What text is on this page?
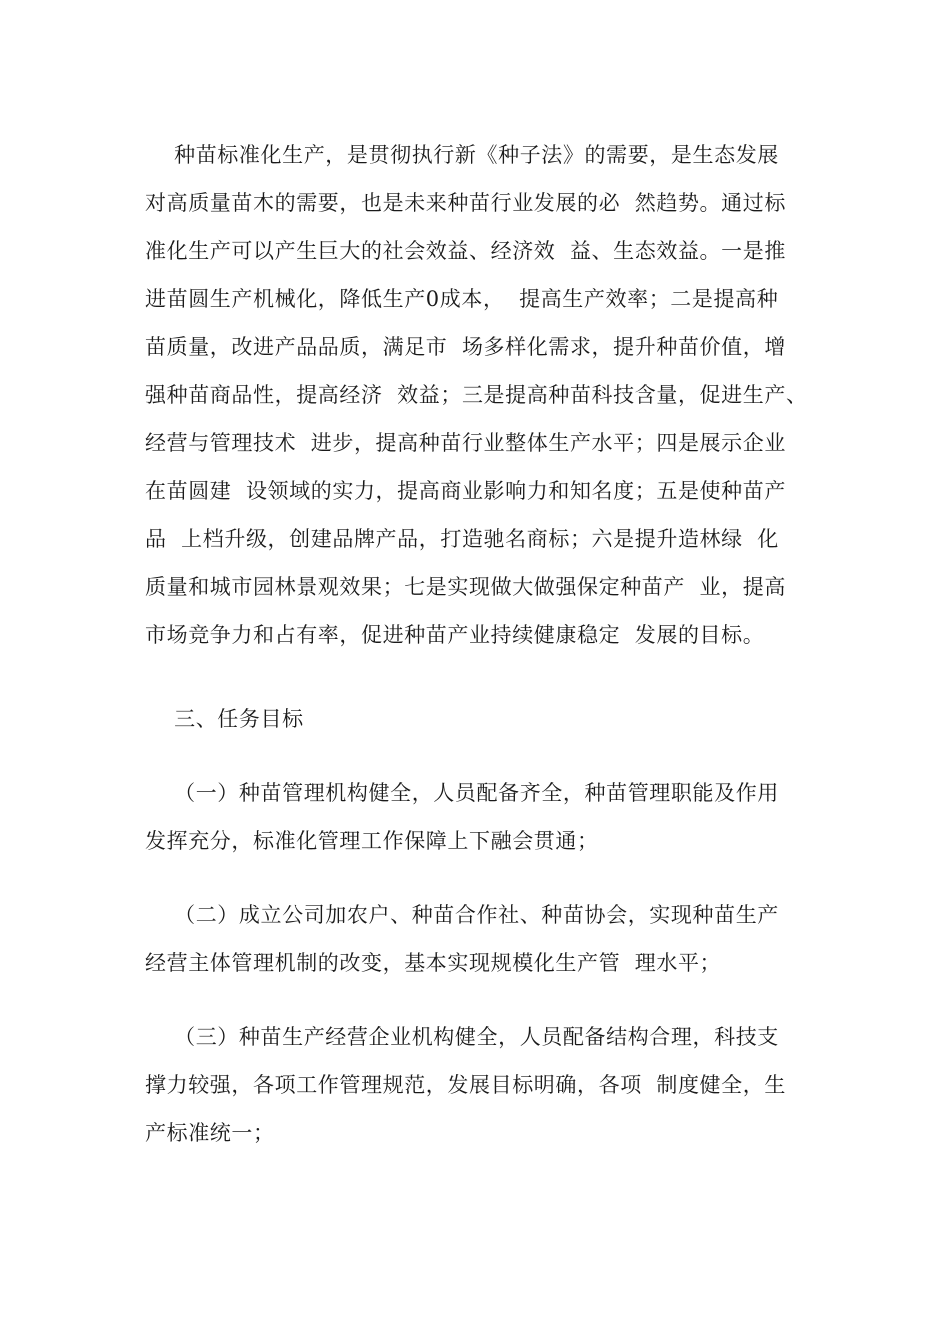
种苗标准化生产，是贯彻执行新《种子法》的需要，是生态发展
对高质量苗木的需要，也是未来种苗行业发展的必  然趋势。通过标
准化生产可以产生巨大的社会效益、经济效  益、生态效益。一是推
进苗圆生产机械化，降低生产0成本，  提高生产效率；二是提高种
苗质量，改进产品品质，满足市  场多样化需求，提升种苗价值，增
强种苗商品性，提高经济  效益；三是提高种苗科技含量，促进生产、
经营与管理技术  进步，提高种苗行业整体生产水平；四是展示企业
在苗圆建  设领域的实力，提高商业影响力和知名度；五是使种苗产
品  上档升级，创建品牌产品，打造驰名商标；六是提升造林绿  化
质量和城市园林景观效果；七是实现做大做强保定种苗产  业，提高
市场竞争力和占有率，促进种苗产业持续健康稳定  发展的目标。
三、任务目标
（一）种苗管理机构健全，人员配备齐全，种苗管理职能及作用
发挥充分，标准化管理工作保障上下融会贯通；
（二）成立公司加农户、种苗合作社、种苗协会，实现种苗生产
经营主体管理机制的改变，基本实现规模化生产管  理水平；
（三）种苗生产经营企业机构健全，人员配备结构合理，科技支
撑力较强，各项工作管理规范，发展目标明确，各项  制度健全，生
产标准统一；
